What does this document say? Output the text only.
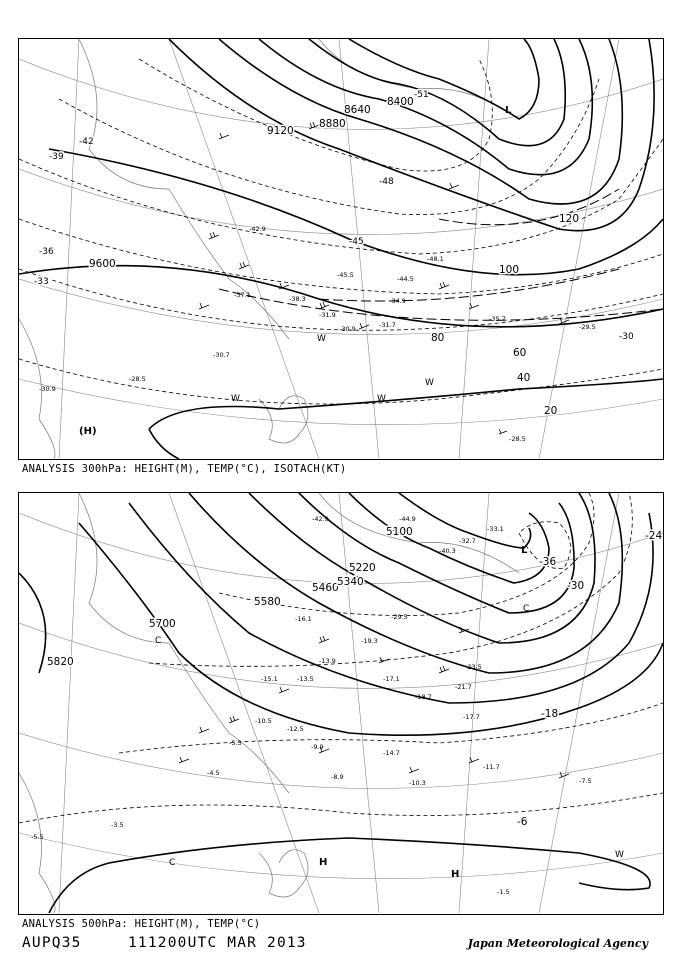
9600
9120
8880
8640
8400
20
40
60
80
100
120
-39
-42
-45
-48
-51
-36
-33
-30
-37.1	-38.3
-42.9
-45.5
-48.1
-44.5
-34.9
-31.9
-31.7
-30.9
-35.7
-30.7
-28.5
-30.9
-29.5
-28.5
L
(H)
W
W
W	W
ANALYSIS 300hPa: HEIGHT(M), TEMP(°C), ISOTACH(KT)
5820
5700
5580
5460
5340
5220
5100	-24
-30
-36
-18
-6
-42.9	-44.9
-40.3
-33.1
-32.7
-29.5
-19.3
-17.1
-18.7
-21.7
-23.5
-17.7
-14.7
-10.3
-8.9
-12.5
-4.5
-5.5
-3.5
-1.5
-7.5
-11.7
-16.1
-13.9
-13.5
-15.1
-10.5
-9.9
-5.3
L
H
H
C
C
C
W
ANALYSIS 500hPa: HEIGHT(M), TEMP(°C)
AUPQ35	111200UTC MAR 2013	Japan Meteorological Agency
